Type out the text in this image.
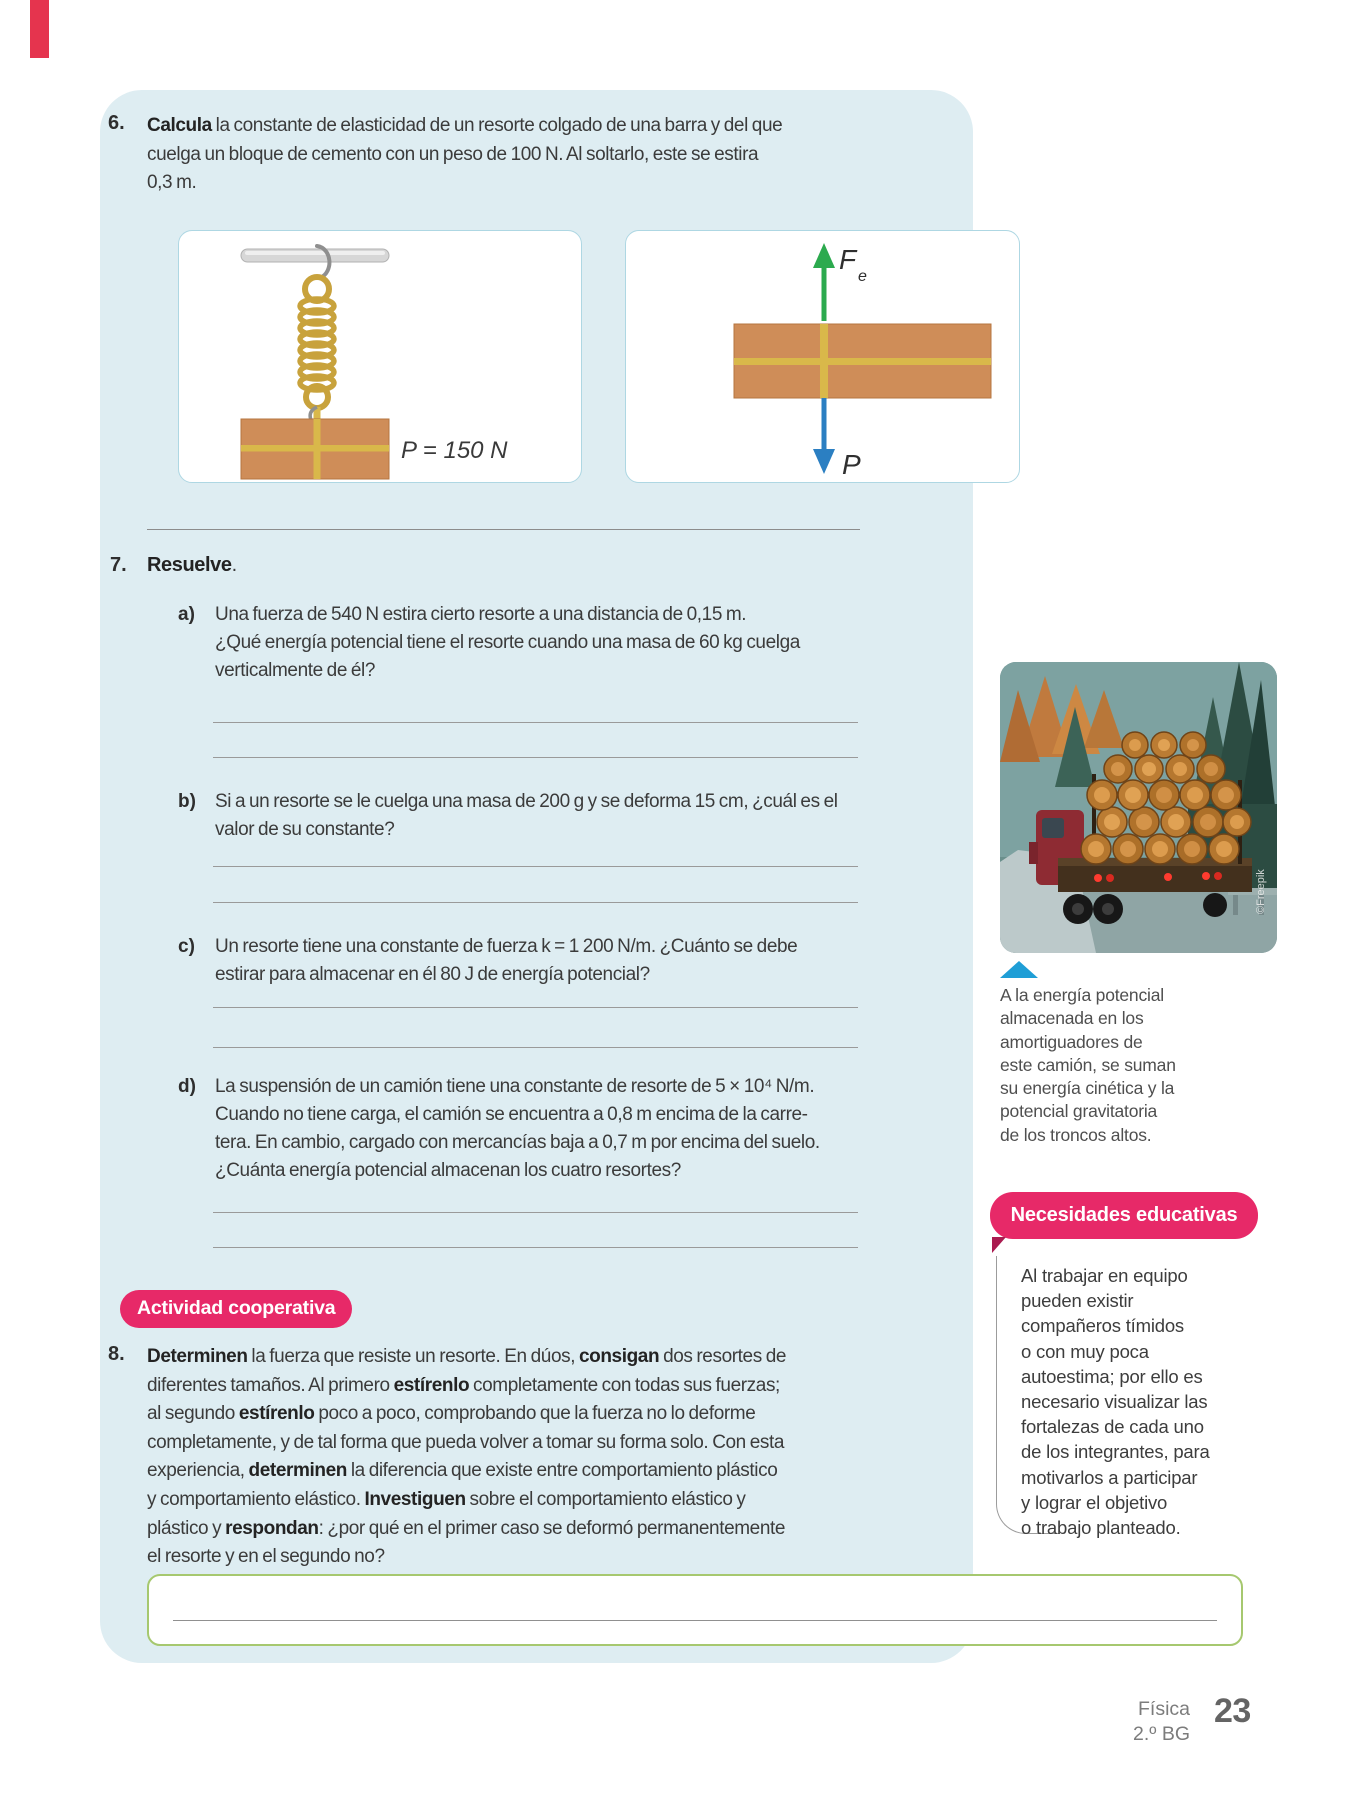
6.	Calcula la constante de elasticidad de un resorte colgado de una barra y del que
cuelga un bloque de cemento con un peso de 100 N. Al soltarlo, este se estira
0,3 m.
P = 150 N
F
e
P
7.	Resuelve.
a)	Una fuerza de 540 N estira cierto resorte a una distancia de 0,15 m.
¿Qué energía potencial tiene el resorte cuando una masa de 60 kg cuelga
verticalmente de él?
b)	Si a un resorte se le cuelga una masa de 200 g y se deforma 15 cm, ¿cuál es el
valor de su constante?
c)	Un resorte tiene una constante de fuerza k = 1 200 N/m. ¿Cuánto se debe
estirar para almacenar en él 80 J de energía potencial?
d)	La suspensión de un camión tiene una constante de resorte de 5 × 10⁴ N/m.
Cuando no tiene carga, el camión se encuentra a 0,8 m encima de la carre-
tera. En cambio, cargado con mercancías baja a 0,7 m por encima del suelo.
¿Cuánta energía potencial almacenan los cuatro resortes?
Actividad cooperativa
8.	Determinen la fuerza que resiste un resorte. En dúos, consigan dos resortes de
diferentes tamaños. Al primero estírenlo completamente con todas sus fuerzas;
al segundo estírenlo poco a poco, comprobando que la fuerza no lo deforme
completamente, y de tal forma que pueda volver a tomar su forma solo. Con esta
experiencia, determinen la diferencia que existe entre comportamiento plástico
y comportamiento elástico. Investiguen sobre el comportamiento elástico y
plástico y respondan: ¿por qué en el primer caso se deformó permanentemente
el resorte y en el segundo no?
©Freepik
A la energía potencial
almacenada en los
amortiguadores de
este camión, se suman
su energía cinética y la
potencial gravitatoria
de los troncos altos.
Necesidades educativas
Al trabajar en equipo
pueden existir
compañeros tímidos
o con muy poca
autoestima; por ello es
necesario visualizar las
fortalezas de cada uno
de los integrantes, para
motivarlos a participar
y lograr el objetivo
o trabajo planteado.
Física
2.º BG
23
